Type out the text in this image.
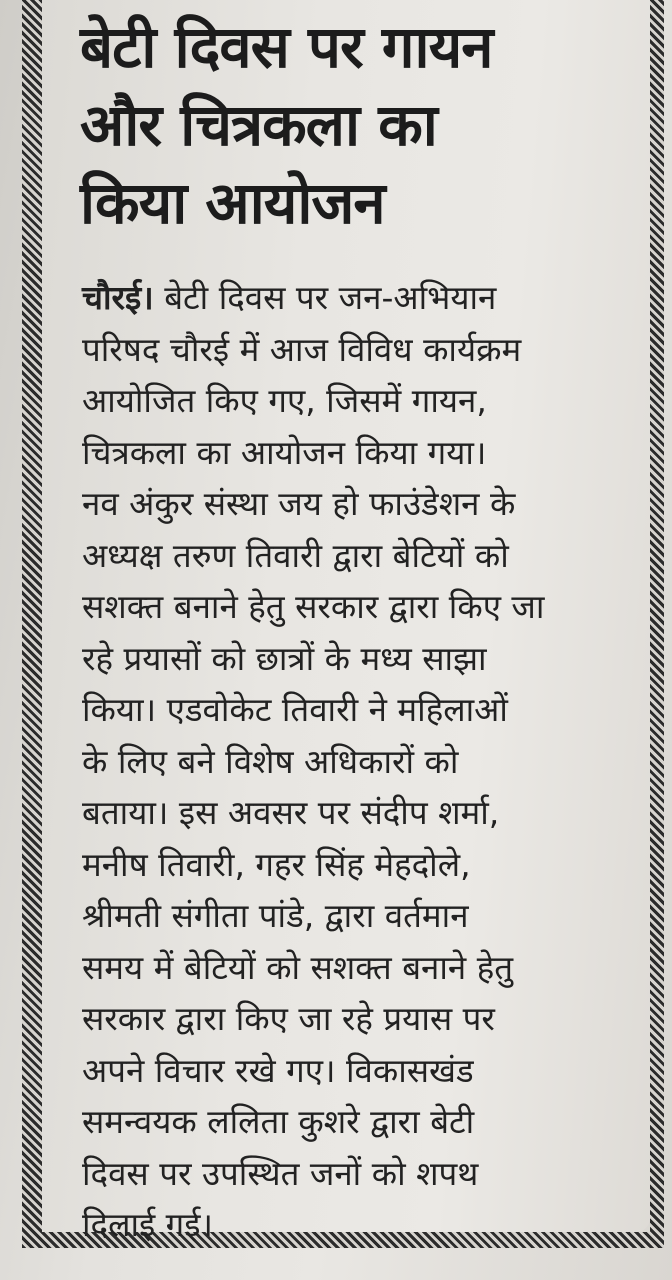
बेटी दिवस पर गायन
और चित्रकला का
किया आयोजन
चौरई। बेटी दिवस पर जन-अभियान
परिषद चौरई में आज विविध कार्यक्रम
आयोजित किए गए, जिसमें गायन,
चित्रकला का आयोजन किया गया।
नव अंकुर संस्था जय हो फाउंडेशन के
अध्यक्ष तरुण तिवारी द्वारा बेटियों को
सशक्त बनाने हेतु सरकार द्वारा किए जा
रहे प्रयासों को छात्रों के मध्य साझा
किया। एडवोकेट तिवारी ने महिलाओं
के लिए बने विशेष अधिकारों को
बताया। इस अवसर पर संदीप शर्मा,
मनीष तिवारी, गहर सिंह मेहदोले,
श्रीमती संगीता पांडे, द्वारा वर्तमान
समय में बेटियों को सशक्त बनाने हेतु
सरकार द्वारा किए जा रहे प्रयास पर
अपने विचार रखे गए। विकासखंड
समन्वयक ललिता कुशरे द्वारा बेटी
दिवस पर उपस्थित जनों को शपथ
दिलाई गई।
